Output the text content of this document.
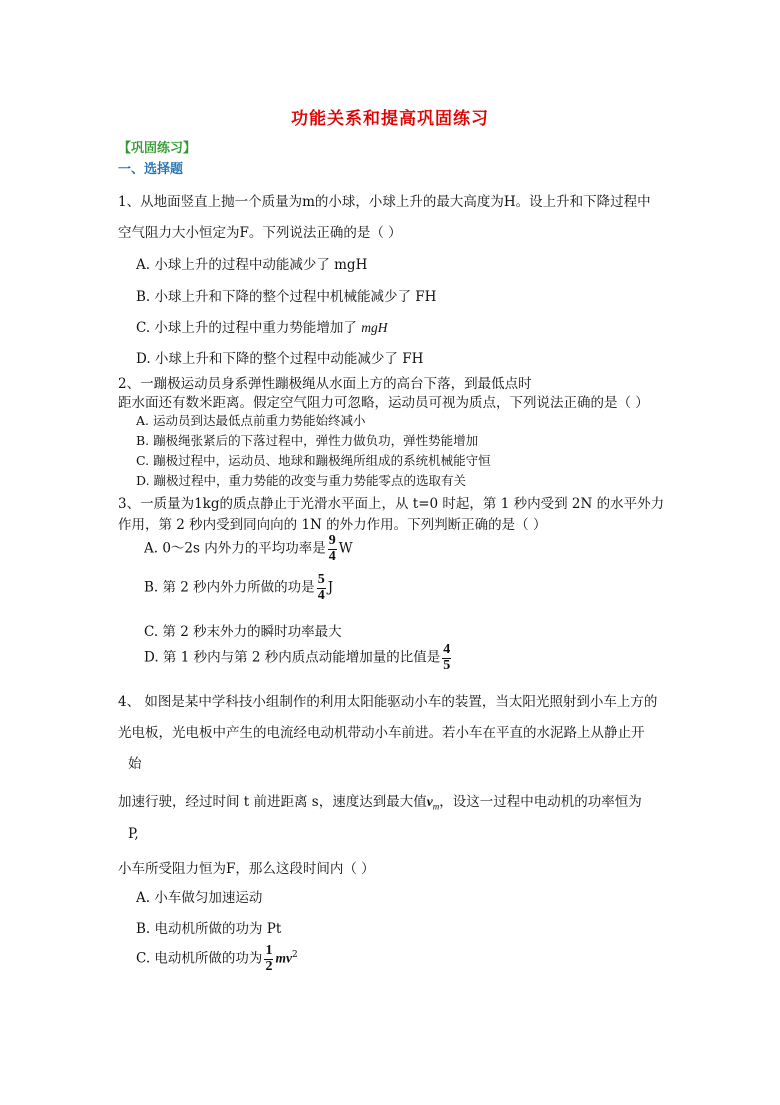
功能关系和提高巩固练习
【巩固练习】
一、选择题
1、从地面竖直上抛一个质量为m的小球，小球上升的最大高度为H。设上升和下降过程中
空气阻力大小恒定为F。下列说法正确的是（ ）
A. 小球上升的过程中动能减少了 mgH
B. 小球上升和下降的整个过程中机械能减少了 FH
C. 小球上升的过程中重力势能增加了 mgH
D. 小球上升和下降的整个过程中动能减少了 FH
2、一蹦极运动员身系弹性蹦极绳从水面上方的高台下落，到最低点时
距水面还有数米距离。假定空气阻力可忽略，运动员可视为质点，下列说法正确的是（ ）
A. 运动员到达最低点前重力势能始终减小
B. 蹦极绳张紧后的下落过程中，弹性力做负功，弹性势能增加
C. 蹦极过程中，运动员、地球和蹦极绳所组成的系统机械能守恒
D. 蹦极过程中，重力势能的改变与重力势能零点的选取有关
3、一质量为1kg的质点静止于光滑水平面上，从 t=0 时起，第 1 秒内受到 2N 的水平外力
作用，第 2 秒内受到同向向的 1N 的外力作用。下列判断正确的是（ ）
A. 0～2s 内外力的平均功率是 $\frac{9}{4}$ W
B. 第 2 秒内外力所做的功是 $\frac{5}{4}$ J
C. 第 2 秒末外力的瞬时功率最大
D. 第 1 秒内与第 2 秒内质点动能增加量的比值是 $\frac{4}{5}$
4、 如图是某中学科技小组制作的利用太阳能驱动小车的装置，当太阳光照射到小车上方的
光电板，光电板中产生的电流经电动机带动小车前进。若小车在平直的水泥路上从静止开
始
加速行驶，经过时间 t 前进距离 s，速度达到最大值$v_m$，设这一过程中电动机的功率恒为
P,
小车所受阻力恒为F，那么这段时间内（ ）
A. 小车做匀加速运动
B. 电动机所做的功为 Pt
C. 电动机所做的功为 $\frac{1}{2} mv^2$
